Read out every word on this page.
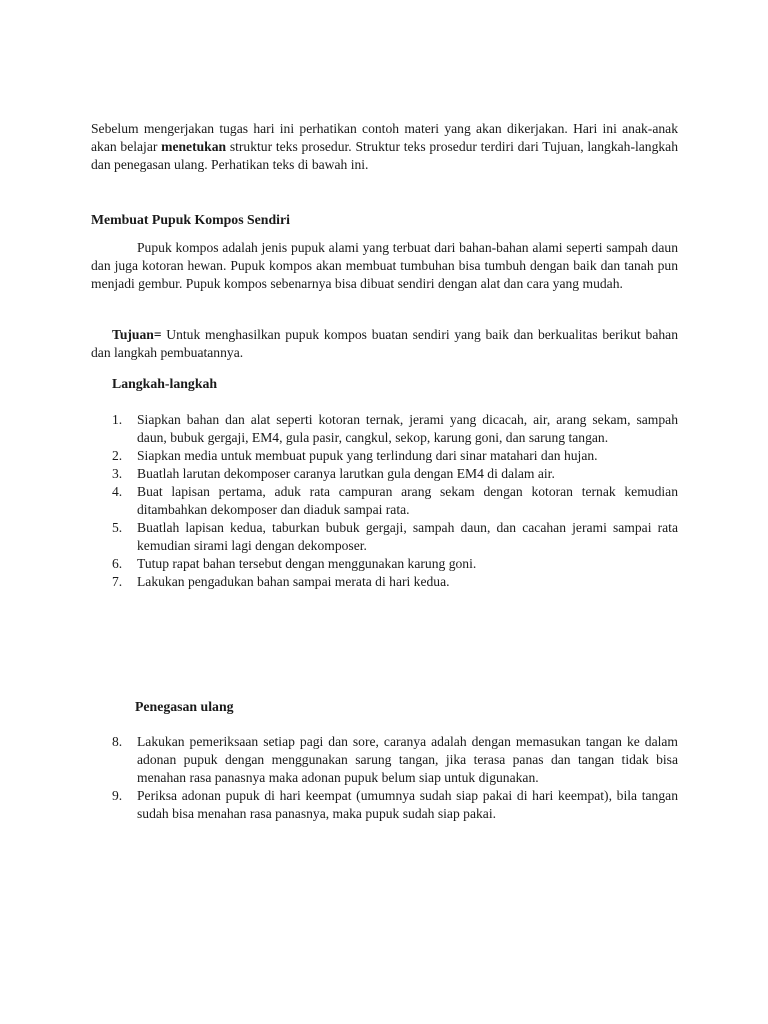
Sebelum mengerjakan tugas hari ini perhatikan contoh materi yang akan dikerjakan. Hari ini anak-anak akan belajar menetukan struktur teks prosedur. Struktur teks prosedur terdiri dari Tujuan, langkah-langkah dan penegasan ulang. Perhatikan teks di bawah ini.

Membuat Pupuk Kompos Sendiri

Pupuk kompos adalah jenis pupuk alami yang terbuat dari bahan-bahan alami seperti sampah daun dan juga kotoran hewan. Pupuk kompos akan membuat tumbuhan bisa tumbuh dengan baik dan tanah pun menjadi gembur. Pupuk kompos sebenarnya bisa dibuat sendiri dengan alat dan cara yang mudah.

Tujuan= Untuk menghasilkan pupuk kompos buatan sendiri yang baik dan berkualitas berikut bahan dan langkah pembuatannya.

Langkah-langkah
1. Siapkan bahan dan alat seperti kotoran ternak, jerami yang dicacah, air, arang sekam, sampah daun, bubuk gergaji, EM4, gula pasir, cangkul, sekop, karung goni, dan sarung tangan.
2. Siapkan media untuk membuat pupuk yang terlindung dari sinar matahari dan hujan.
3. Buatlah larutan dekomposer caranya larutkan gula dengan EM4 di dalam air.
4. Buat lapisan pertama, aduk rata campuran arang sekam dengan kotoran ternak kemudian ditambahkan dekomposer dan diaduk sampai rata.
5. Buatlah lapisan kedua, taburkan bubuk gergaji, sampah daun, dan cacahan jerami sampai rata kemudian sirami lagi dengan dekomposer.
6. Tutup rapat bahan tersebut dengan menggunakan karung goni.
7. Lakukan pengadukan bahan sampai merata di hari kedua.
Penegasan ulang
8. Lakukan pemeriksaan setiap pagi dan sore, caranya adalah dengan memasukan tangan ke dalam adonan pupuk dengan menggunakan sarung tangan, jika terasa panas dan tangan tidak bisa menahan rasa panasnya maka adonan pupuk belum siap untuk digunakan.
9. Periksa adonan pupuk di hari keempat (umumnya sudah siap pakai di hari keempat), bila tangan sudah bisa menahan rasa panasnya, maka pupuk sudah siap pakai.
